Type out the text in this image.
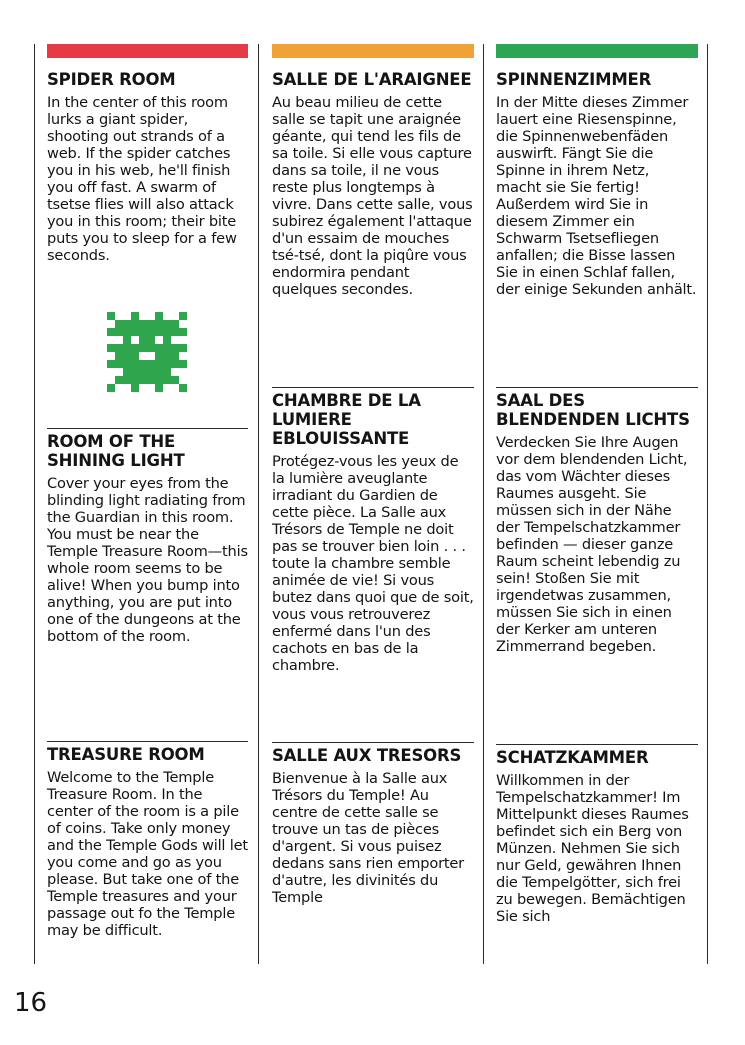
SPIDER ROOM

In the center of this room lurks a giant spider, shooting out strands of a web. If the spider catches you in his web, he'll finish you off fast. A swarm of tsetse flies will also attack you in this room; their bite puts you to sleep for a few seconds.

ROOM OF THE SHINING LIGHT

Cover your eyes from the blinding light radiating from the Guardian in this room. You must be near the Temple Treasure Room—this whole room seems to be alive! When you bump into anything, you are put into one of the dungeons at the bottom of the room.

TREASURE ROOM

Welcome to the Temple Treasure Room. In the center of the room is a pile of coins. Take only money and the Temple Gods will let you come and go as you please. But take one of the Temple treasures and your passage out fo the Temple may be difficult.

SALLE DE L'ARAIGNEE

Au beau milieu de cette salle se tapit une araignée géante, qui tend les fils de sa toile. Si elle vous capture dans sa toile, il ne vous reste plus longtemps à vivre. Dans cette salle, vous subirez également l'attaque d'un essaim de mouches tsé-tsé, dont la piqûre vous endormira pendant quelques secondes.

CHAMBRE DE LA LUMIERE EBLOUISSANTE

Protégez-vous les yeux de la lumière aveuglante irradiant du Gardien de cette pièce. La Salle aux Trésors de Temple ne doit pas se trouver bien loin . . . toute la chambre semble animée de vie! Si vous butez dans quoi que de soit, vous vous retrouverez enfermé dans l'un des cachots en bas de la chambre.

SALLE AUX TRESORS

Bienvenue à la Salle aux Trésors du Temple! Au centre de cette salle se trouve un tas de pièces d'argent. Si vous puisez dedans sans rien emporter d'autre, les divinités du Temple

SPINNENZIMMER

In der Mitte dieses Zimmer lauert eine Riesenspinne, die Spinnenwebenfäden auswirft. Fängt Sie die Spinne in ihrem Netz, macht sie Sie fertig! Außerdem wird Sie in diesem Zimmer ein Schwarm Tsetsefliegen anfallen; die Bisse lassen Sie in einen Schlaf fallen, der einige Sekunden anhält.

SAAL DES BLENDENDEN LICHTS

Verdecken Sie Ihre Augen vor dem blendenden Licht, das vom Wächter dieses Raumes ausgeht. Sie müssen sich in der Nähe der Tempelschatzkammer befinden — dieser ganze Raum scheint lebendig zu sein! Stoßen Sie mit irgendetwas zusammen, müssen Sie sich in einen der Kerker am unteren Zimmerrand begeben.

SCHATZKAMMER

Willkommen in der Tempelschatzkammer! Im Mittelpunkt dieses Raumes befindet sich ein Berg von Münzen. Nehmen Sie sich nur Geld, gewähren Ihnen die Tempelgötter, sich frei zu bewegen. Bemächtigen Sie sich

16
